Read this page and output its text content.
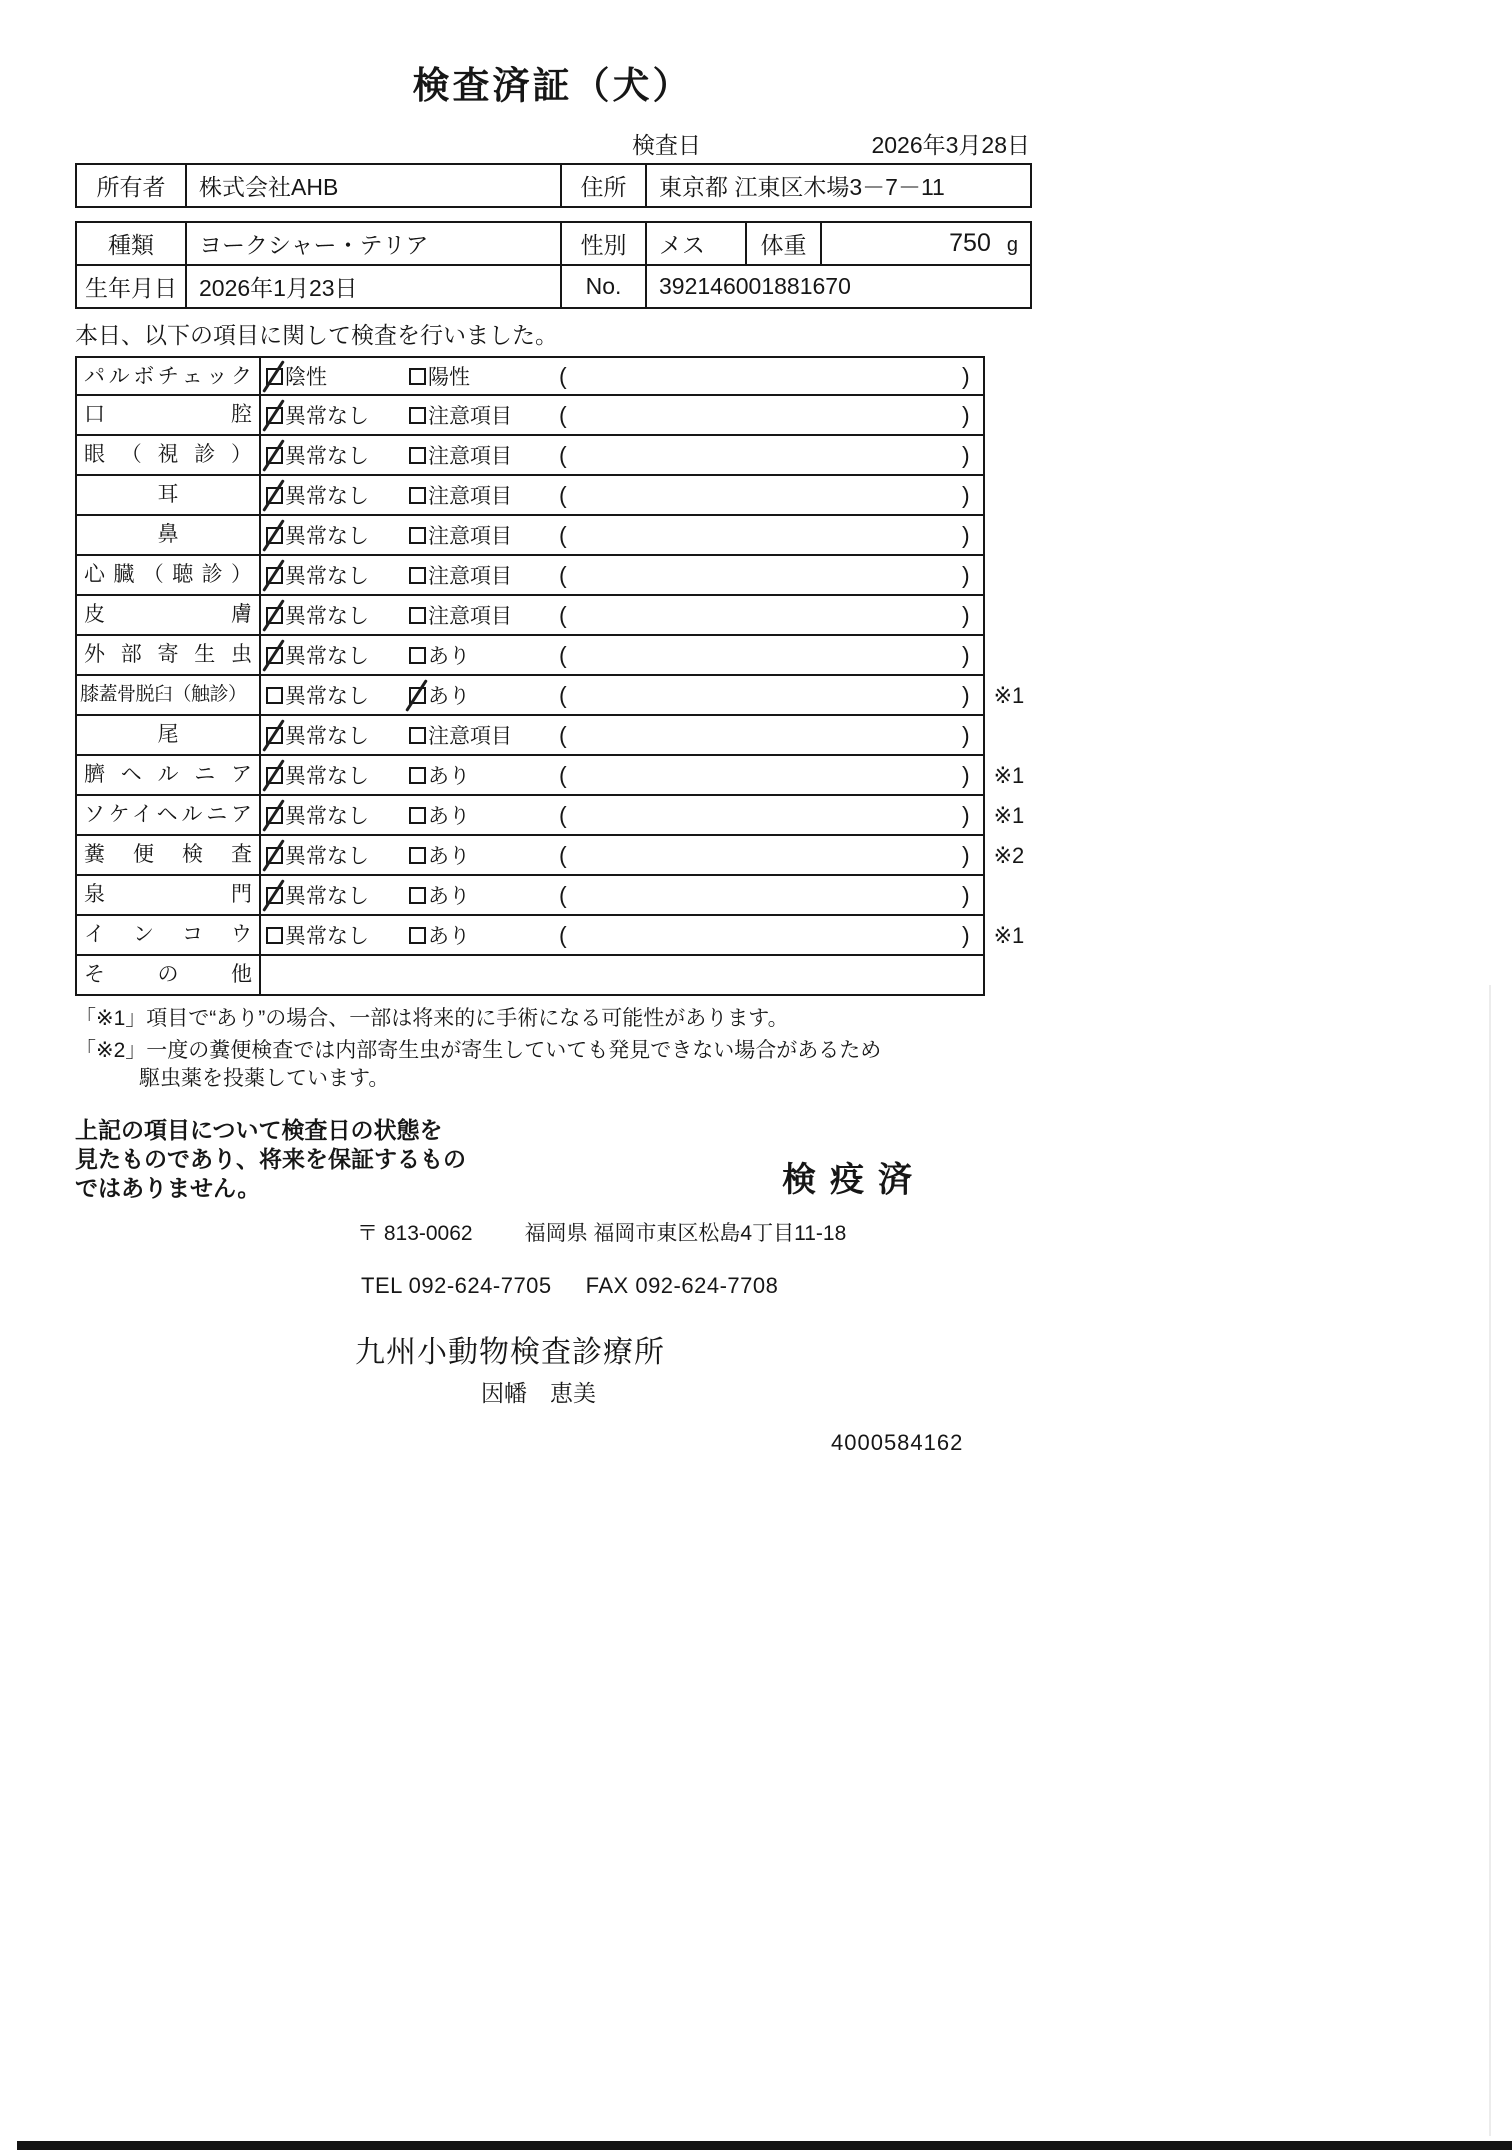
検査済証（犬）
検査日	2026年3月28日
所有者	株式会社AHB	住所	東京都 江東区木場3－7－11
種類	ヨークシャー・テリア	性別	メス	体重	750 g

生年月日	2026年1月23日	No.	392146001881670		

本日、以下の項目に関して検査を行いました。

パルボチェック	陰性	陽性	(	)
口腔	異常なし	注意項目 (	)
眼（視診）	異常なし	注意項目 (	)
耳	異常なし	注意項目 (	)
鼻	異常なし	注意項目 (	)
心臓（聴診）	異常なし	注意項目 (	)
皮膚	異常なし	注意項目 (	)
外部寄生虫	異常なし	あり	(	)
膝蓋骨脱臼（触診）	異常なし	あり	(	)	※1
尾	異常なし	注意項目 (	)
臍ヘルニア	異常なし	あり	(	)	※1
ソケイヘルニア	異常なし	あり	(	)	※1
糞便検査	異常なし	あり	(	)	※2
泉門	異常なし	あり	(	)
インコウ	異常なし	あり	(	)	※1
その他

「※1」項目で“あり”の場合、一部は将来的に手術になる可能性があります。

「※2」一度の糞便検査では内部寄生虫が寄生していても発見できない場合があるため

駆虫薬を投薬しています。

上記の項目について検査日の状態を
見たものであり、将来を保証するもの
ではありません。	検疫済
〒 813-0062 福岡県 福岡市東区松島4丁目11-18
TEL 092-624-7705 FAX 092-624-7708
九州小動物検査診療所
因幡　恵美
4000584162
